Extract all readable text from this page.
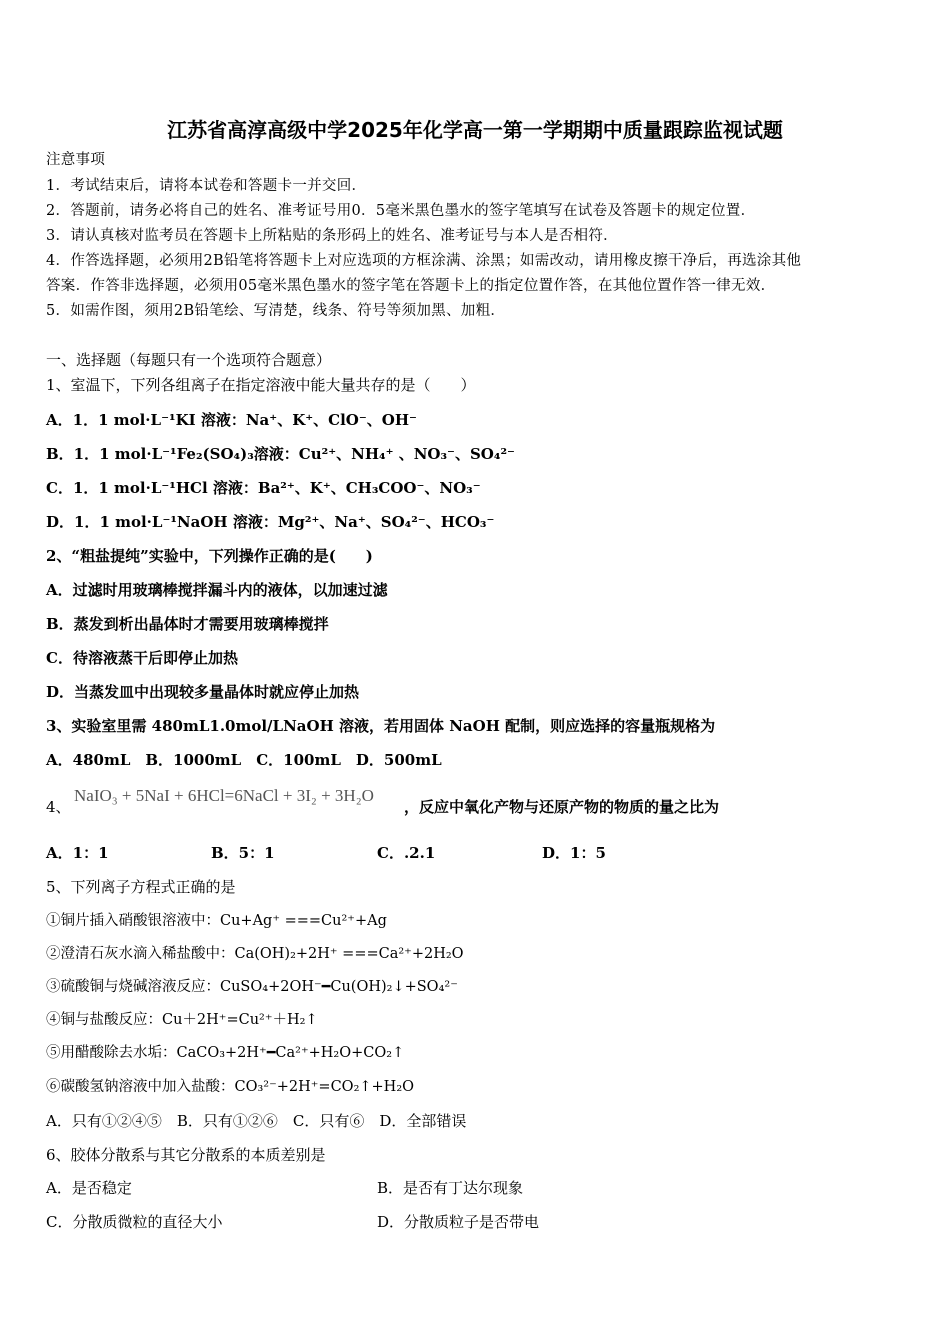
江苏省高淳高级中学2025年化学高一第一学期期中质量跟踪监视试题
注意事项
1．考试结束后，请将本试卷和答题卡一并交回．
2．答题前，请务必将自己的姓名、准考证号用0．5毫米黑色墨水的签字笔填写在试卷及答题卡的规定位置．
3．请认真核对监考员在答题卡上所粘贴的条形码上的姓名、准考证号与本人是否相符．
4．作答选择题，必须用2B铅笔将答题卡上对应选项的方框涂满、涂黑；如需改动，请用橡皮擦干净后，再选涂其他
答案．作答非选择题，必须用05毫米黑色墨水的签字笔在答题卡上的指定位置作答，在其他位置作答一律无效．
5．如需作图，须用2B铅笔绘、写清楚，线条、符号等须加黑、加粗．
一、选择题（每题只有一个选项符合题意）
1、室温下，下列各组离子在指定溶液中能大量共存的是（　　）
A．1．1 mol·L⁻¹KI 溶液：Na⁺、K⁺、ClO⁻、OH⁻
B．1．1 mol·L⁻¹Fe₂(SO₄)₃溶液：Cu²⁺、NH₄⁺ 、NO₃⁻、SO₄²⁻
C．1．1 mol·L⁻¹HCl 溶液：Ba²⁺、K⁺、CH₃COO⁻、NO₃⁻
D．1．1 mol·L⁻¹NaOH 溶液：Mg²⁺、Na⁺、SO₄²⁻、HCO₃⁻
2、“粗盐提纯”实验中，下列操作正确的是(　　)
A．过滤时用玻璃棒搅拌漏斗内的液体，以加速过滤
B．蒸发到析出晶体时才需要用玻璃棒搅拌
C．待溶液蒸干后即停止加热
D．当蒸发皿中出现较多量晶体时就应停止加热
3、实验室里需 480mL1.0mol/LNaOH 溶液，若用固体 NaOH 配制，则应选择的容量瓶规格为
A．480mL　B．1000mL　C．100mL　D．500mL
4、
NaIO₃ + 5NaI + 6HCl=6NaCl + 3I₂ + 3H₂O
，反应中氧化产物与还原产物的物质的量之比为
A．1：1	B．5：1	C．.2.1	D．1：5
5、下列离子方程式正确的是
①铜片插入硝酸银溶液中：Cu+Ag⁺ ===Cu²⁺+Ag
②澄清石灰水滴入稀盐酸中：Ca(OH)₂+2H⁺ ===Ca²⁺+2H₂O
③硫酸铜与烧碱溶液反应：CuSO₄+2OH⁻━Cu(OH)₂↓+SO₄²⁻
④铜与盐酸反应：Cu＋2H⁺=Cu²⁺＋H₂↑
⑤用醋酸除去水垢：CaCO₃+2H⁺━Ca²⁺+H₂O+CO₂↑
⑥碳酸氢钠溶液中加入盐酸：CO₃²⁻+2H⁺=CO₂↑+H₂O
A．只有①②④⑤　B．只有①②⑥　C．只有⑥　D．全部错误
6、胶体分散系与其它分散系的本质差别是
A．是否稳定	B．是否有丁达尔现象
C．分散质微粒的直径大小	D．分散质粒子是否带电
